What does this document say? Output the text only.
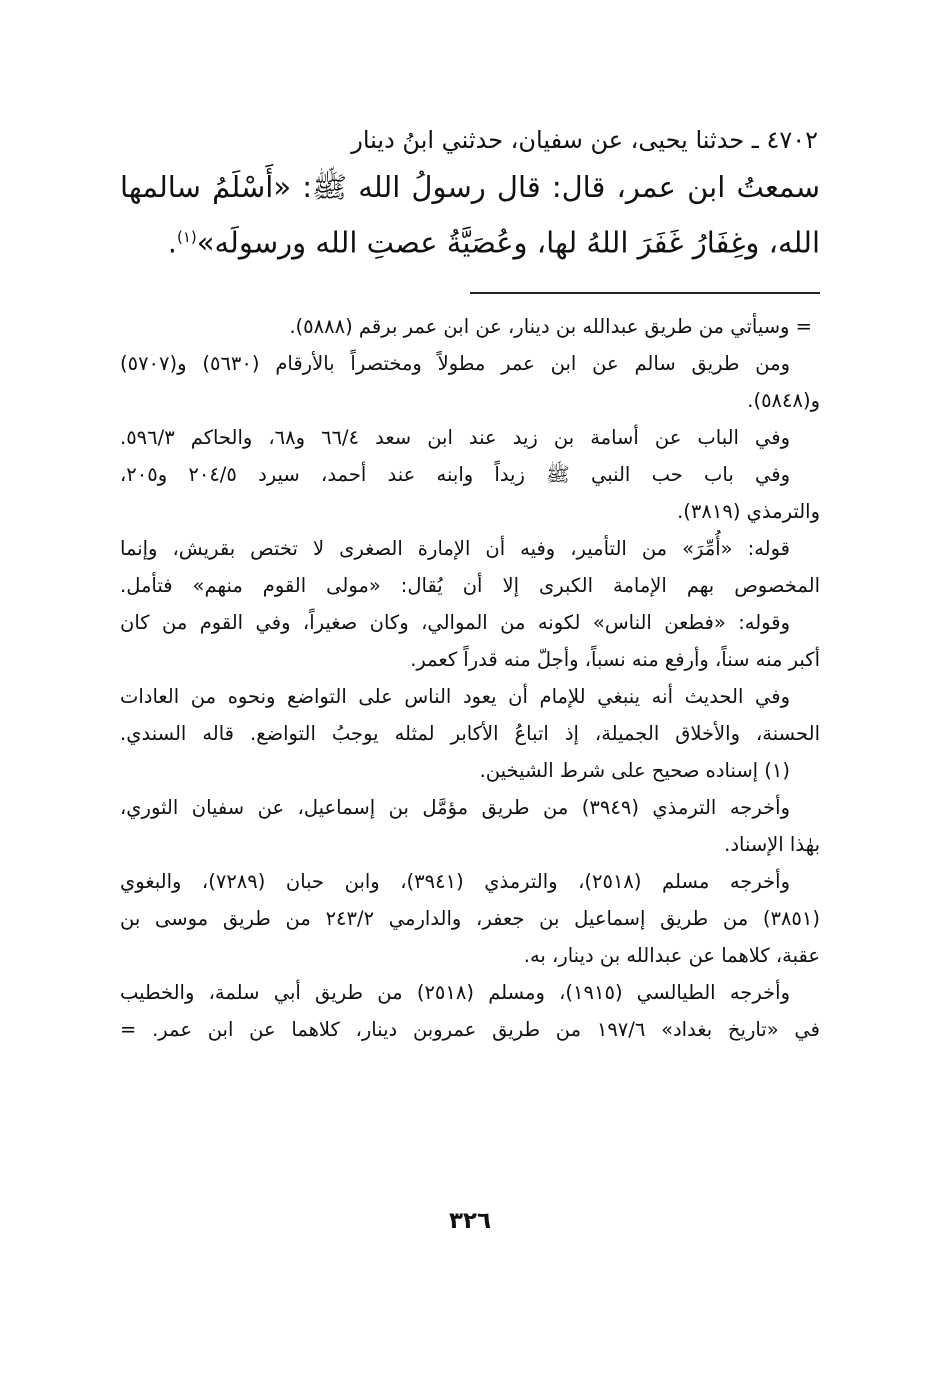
٤٧٠٢ ـ حدثنا يحيى، عن سفيان، حدثني ابنُ دينار
سمعتُ ابن عمر، قال: قال رسولُ الله ﷺ: «أَسْلَمُ سالمها
الله، وغِفَارُ غَفَرَ اللهُ لها، وعُصَيَّةُ عصتِ الله ورسولَه»$^{(١)}$.
= وسيأتي من طريق عبدالله بن دينار، عن ابن عمر برقم (٥٨٨٨).
ومن طريق سالم عن ابن عمر مطولاً ومختصراً بالأرقام (٥٦٣٠) و(٥٧٠٧)
و(٥٨٤٨).
وفي الباب عن أسامة بن زيد عند ابن سعد ٦٦/٤ و٦٨، والحاكم ٥٩٦/٣.
وفي باب حب النبي ﷺ زيداً وابنه عند أحمد، سيرد ٢٠٤/٥ و٢٠٥،
والترمذي (٣٨١٩).
قوله: «أُمِّرَ» من التأمير، وفيه أن الإمارة الصغرى لا تختص بقريش، وإنما
المخصوص بهم الإمامة الكبرى إلا أن يُقال: «مولى القوم منهم» فتأمل.
وقوله: «فطعن الناس» لكونه من الموالي، وكان صغيراً، وفي القوم من كان
أكبر منه سناً، وأرفع منه نسباً، وأجلّ منه قدراً كعمر.
وفي الحديث أنه ينبغي للإمام أن يعود الناس على التواضع ونحوه من العادات
الحسنة، والأخلاق الجميلة، إذ اتباعُ الأكابر لمثله يوجبُ التواضع. قاله السندي.
(١) إسناده صحيح على شرط الشيخين.
وأخرجه الترمذي (٣٩٤٩) من طريق مؤمَّل بن إسماعيل، عن سفيان الثوري،
بهٰذا الإسناد.
وأخرجه مسلم (٢٥١٨)، والترمذي (٣٩٤١)، وابن حبان (٧٢٨٩)، والبغوي
(٣٨٥١) من طريق إسماعيل بن جعفر، والدارمي ٢٤٣/٢ من طريق موسى بن
عقبة، كلاهما عن عبدالله بن دينار، به.
وأخرجه الطيالسي (١٩١٥)، ومسلم (٢٥١٨) من طريق أبي سلمة، والخطيب
في «تاريخ بغداد» ١٩٧/٦ من طريق عمروبن دينار، كلاهما عن ابن عمر. =
٣٢٦
